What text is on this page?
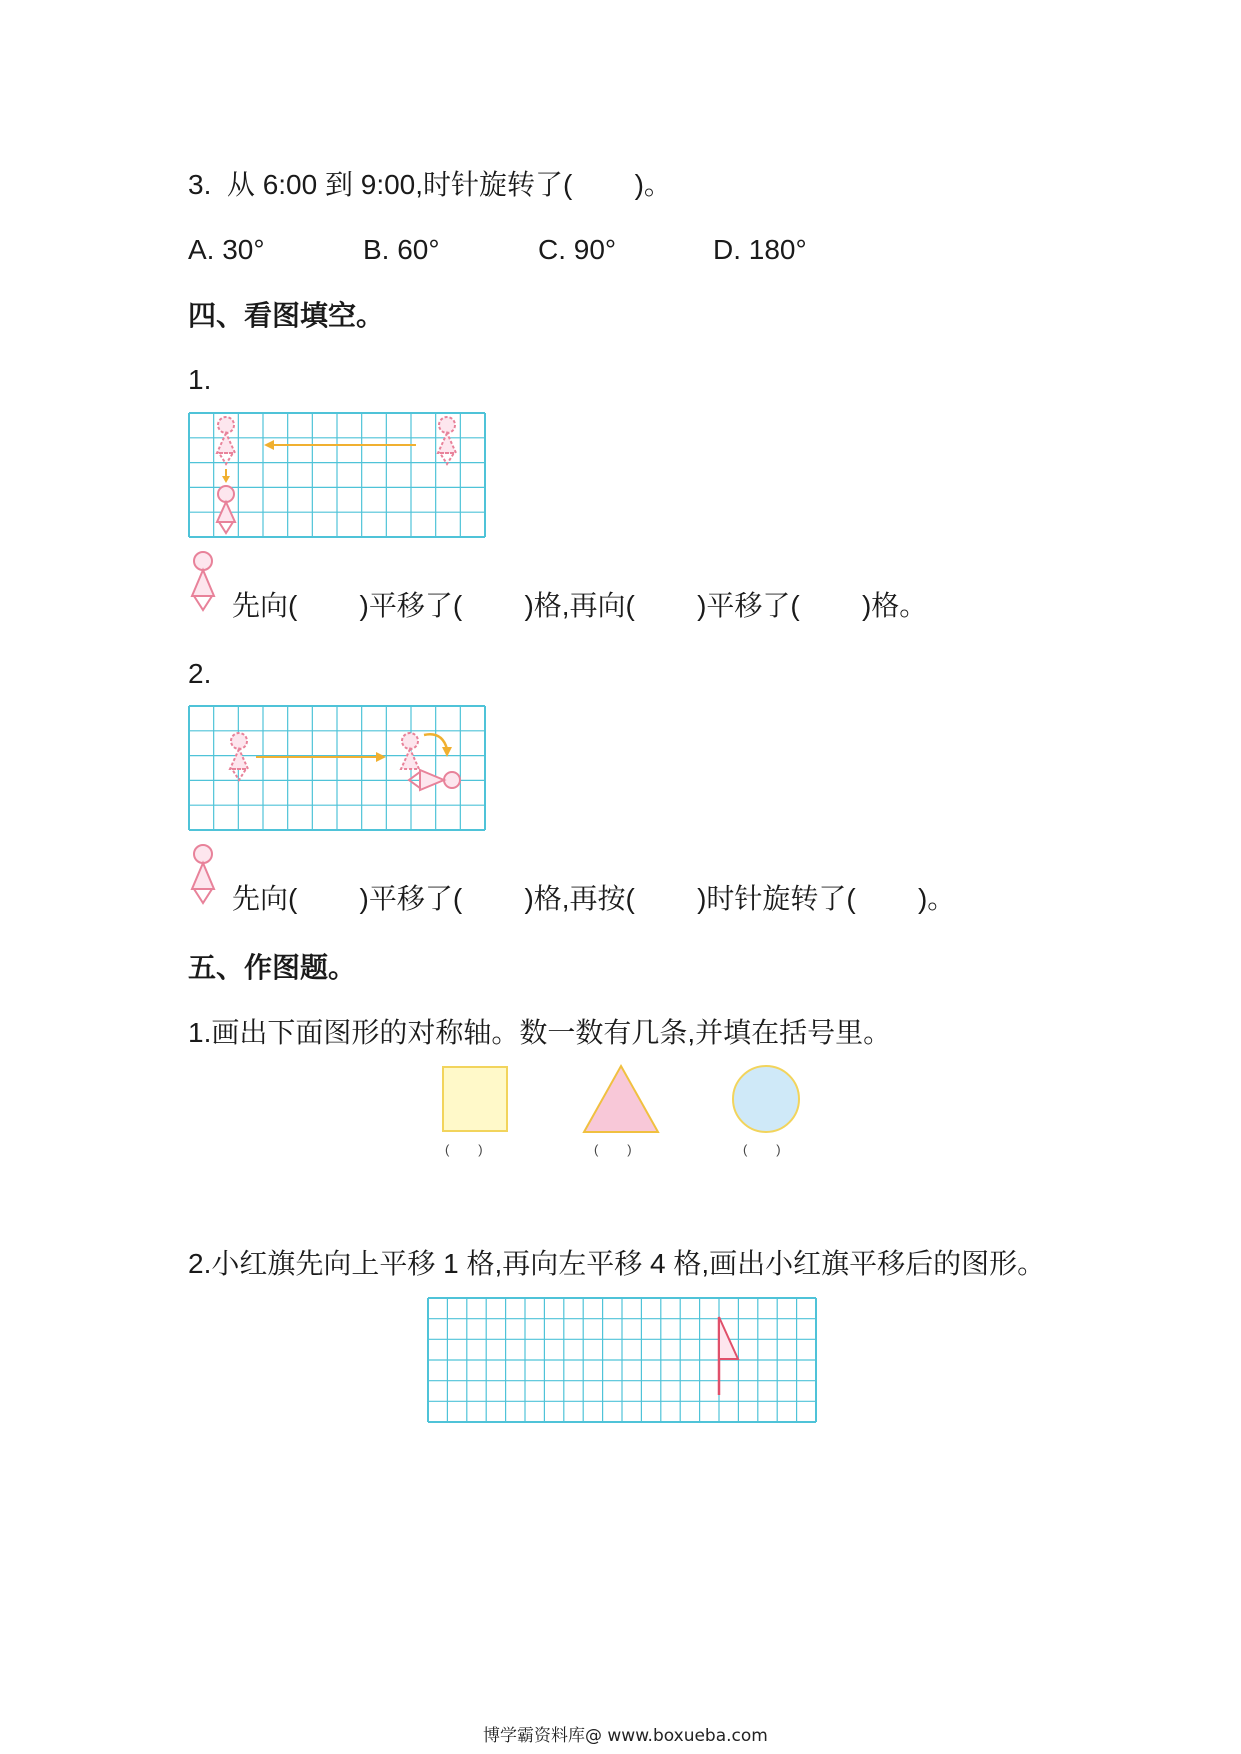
3.  从 6:00 到 9:00,时针旋转了(        )。
A. 30°	B. 60°	C. 90°	D. 180°
四、看图填空。
1.
先向(        )平移了(        )格,再向(        )平移了(        )格。
2.
先向(        )平移了(        )格,再按(        )时针旋转了(        )。
五、作图题。
1.画出下面图形的对称轴。数一数有几条,并填在括号里。
(        )	(        )	(        )
2.小红旗先向上平移 1 格,再向左平移 4 格,画出小红旗平移后的图形。
博学霸资料库@ www.boxueba.com
